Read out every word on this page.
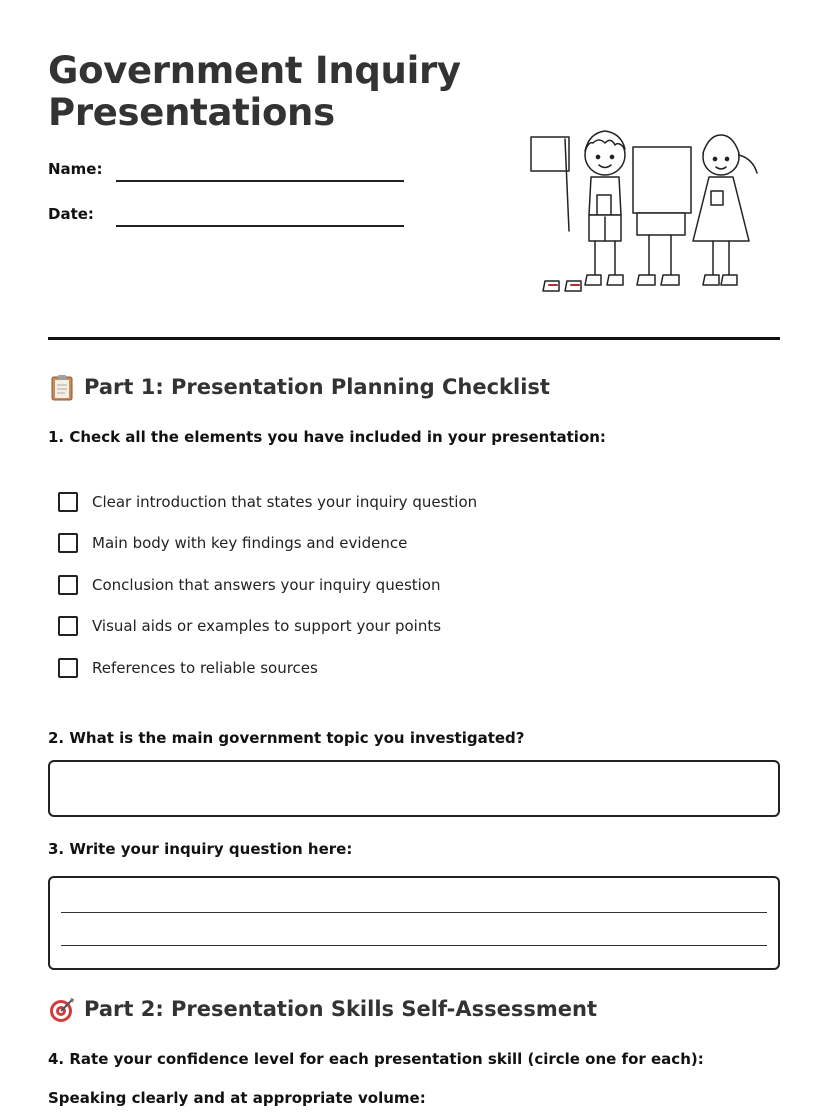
Government Inquiry
Presentations
Name:
Date:
Part 1: Presentation Planning Checklist

1. Check all the elements you have included in your presentation:

Clear introduction that states your inquiry question
Main body with key findings and evidence
Conclusion that answers your inquiry question
Visual aids or examples to support your points
References to reliable sources

2. What is the main government topic you investigated?

3. Write your inquiry question here:

Part 2: Presentation Skills Self-Assessment

4. Rate your confidence level for each presentation skill (circle one for each):

Speaking clearly and at appropriate volume:
